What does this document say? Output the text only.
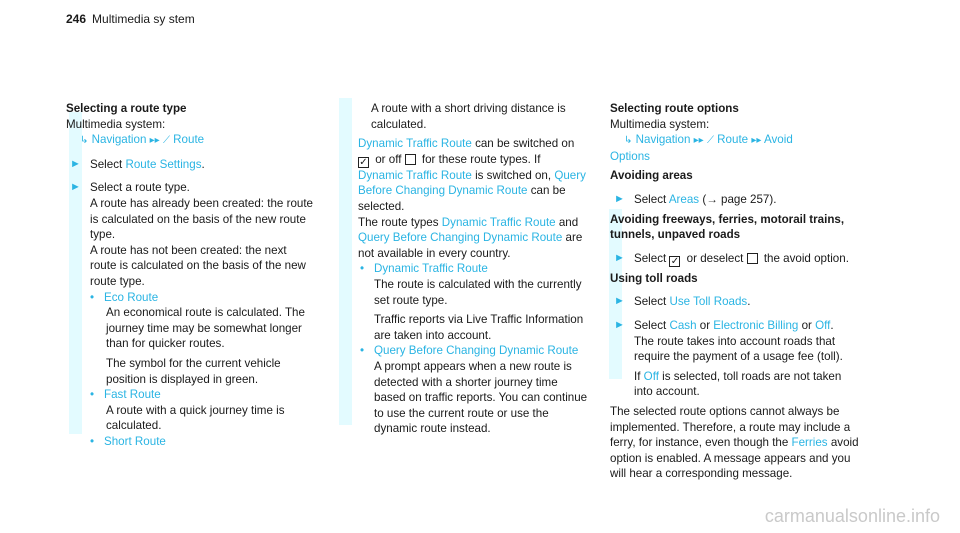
246 Multimedia sy stem
Selecting a route type
Multimedia system:
↳ Navigation ▸▸ ⟋ Route
► Select Route Settings.
► Select a route type.
A route has already been created: the route is calculated on the basis of the new route type.
A route has not been created: the next route is calculated on the basis of the new route type.
• Eco Route
An economical route is calculated. The journey time may be somewhat longer than for quicker routes.
The symbol for the current vehicle position is displayed in green.
• Fast Route
A route with a quick journey time is calculated.
• Short Route
A route with a short driving distance is calculated.
Dynamic Traffic Route can be switched on
✓ or off  for these route types. If
Dynamic Traffic Route is switched on, Query Before Changing Dynamic Route can be selected.
The route types Dynamic Traffic Route and
Query Before Changing Dynamic Route are not available in every country.
• Dynamic Traffic Route
The route is calculated with the currently set route type.
Traffic reports via Live Traffic Information are taken into account.
• Query Before Changing Dynamic Route
A prompt appears when a new route is detected with a shorter journey time based on traffic reports. You can continue to use the current route or use the dynamic route instead.
Selecting route options
Multimedia system:
↳ Navigation ▸▸ ⟋ Route ▸▸ Avoid
Options
Avoiding areas
► Select Areas (→ page 257).
Avoiding freeways, ferries, motorail trains, tunnels, unpaved roads
► Select ✓ or deselect  the avoid option.
Using toll roads
► Select Use Toll Roads.
► Select Cash or Electronic Billing or Off.
The route takes into account roads that require the payment of a usage fee (toll).
If Off is selected, toll roads are not taken into account.
The selected route options cannot always be implemented. Therefore, a route may include a ferry, for instance, even though the Ferries avoid option is enabled. A message appears and you will hear a corresponding message.
carmanualsonline.info
